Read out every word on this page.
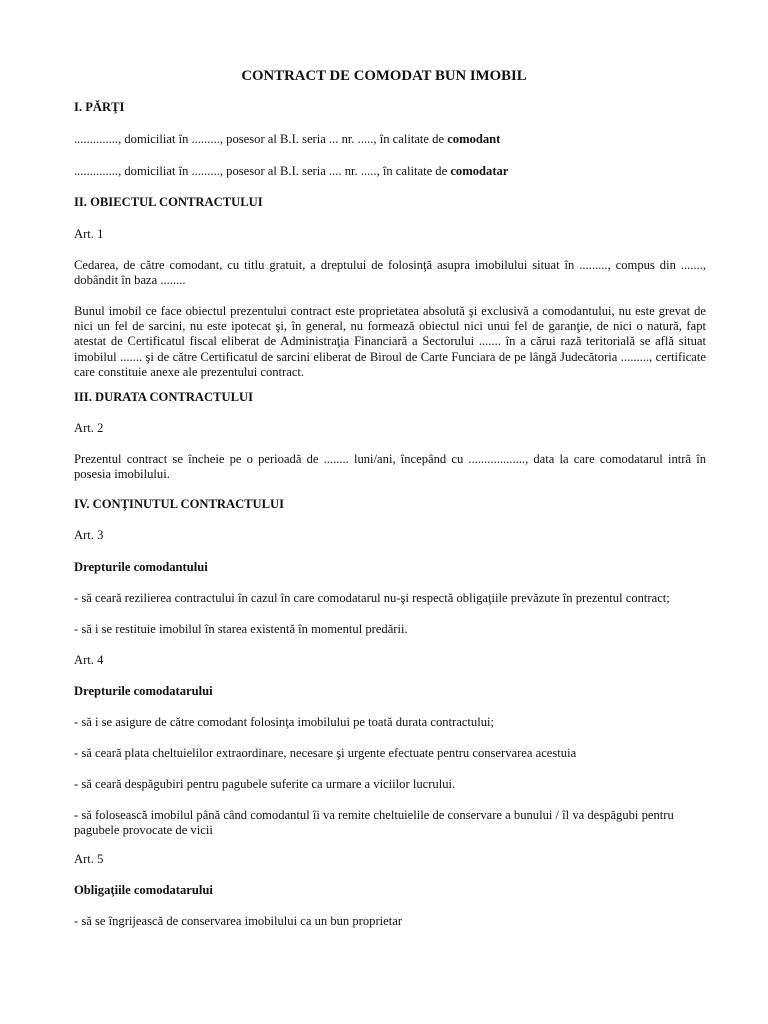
CONTRACT DE COMODAT BUN IMOBIL

I. PĂRŢI

.............., domiciliat în ........., posesor al B.I. seria ... nr. ....., în calitate de comodant

.............., domiciliat în ........., posesor al B.I. seria .... nr. ....., în calitate de comodatar

II. OBIECTUL CONTRACTULUI

Art. 1

Cedarea, de către comodant, cu titlu gratuit, a dreptului de folosinţă asupra imobilului situat în ........., compus din ......., dobândit în baza ........

Bunul imobil ce face obiectul prezentului contract este proprietatea absolută şi exclusivă a comodantului, nu este grevat de nici un fel de sarcini, nu este ipotecat şi, în general, nu formează obiectul nici unui fel de garanţie, de nici o natură, fapt atestat de Certificatul fiscal eliberat de Administraţia Financiară a Sectorului ....... în a cărui rază teritorială se află situat imobilul ....... şi de către Certificatul de sarcini eliberat de Biroul de Carte Funciara de pe lângă Judecătoria ........., certificate care constituie anexe ale prezentului contract.

III. DURATA CONTRACTULUI

Art. 2

Prezentul contract se încheie pe o perioadă de ........ luni/ani, începând cu .................., data la care comodatarul intră în posesia imobilului.

IV. CONŢINUTUL CONTRACTULUI

Art. 3

Drepturile comodantului

- să ceară rezilierea contractului în cazul în care comodatarul nu-şi respectă obligaţiile prevăzute în prezentul contract;

- să i se restituie imobilul în starea existentă în momentul predării.

Art. 4

Drepturile comodatarului

- să i se asigure de către comodant folosinţa imobilului pe toată durata contractului;

- să ceară plata cheltuielilor extraordinare, necesare şi urgente efectuate pentru conservarea acestuia

- să ceară despăgubiri pentru pagubele suferite ca urmare a viciilor lucrului.

- să folosească imobilul până când comodantul îi va remite cheltuielile de conservare a bunului / îl va despăgubi pentru pagubele provocate de vicii

Art. 5

Obligaţiile comodatarului

- să se îngrijească de conservarea imobilului ca un bun proprietar
